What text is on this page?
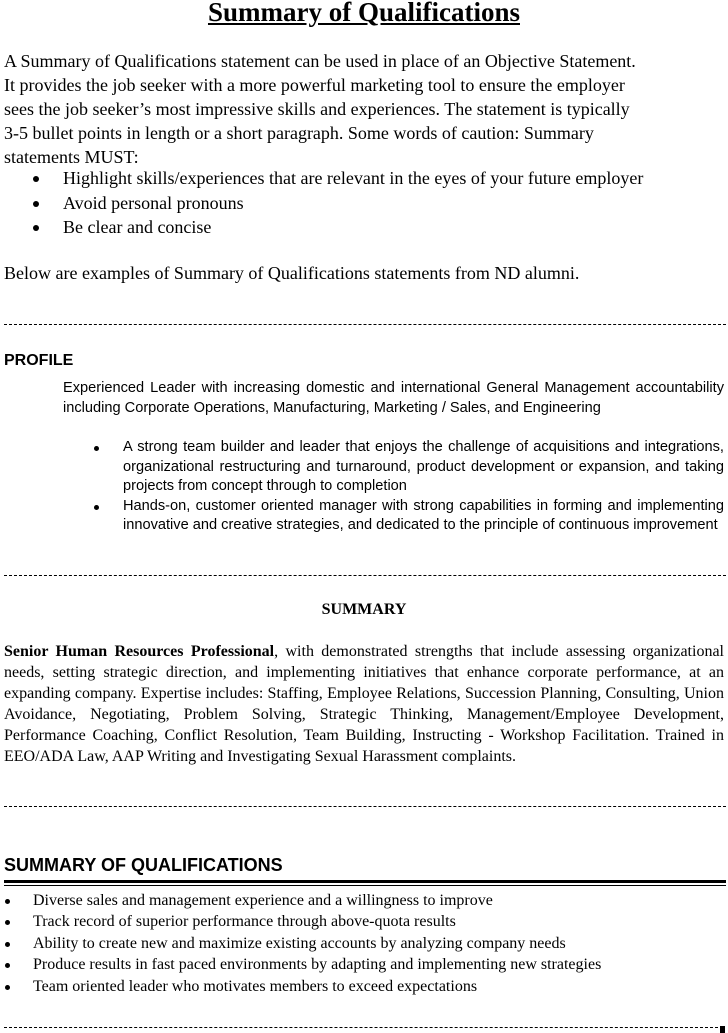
Summary of Qualifications

A Summary of Qualifications statement can be used in place of an Objective Statement.
It provides the job seeker with a more powerful marketing tool to ensure the employer
sees the job seeker’s most impressive skills and experiences. The statement is typically
3-5 bullet points in length or a short paragraph. Some words of caution: Summary
statements MUST:

Highlight skills/experiences that are relevant in the eyes of your future employer
Avoid personal pronouns
Be clear and concise

Below are examples of Summary of Qualifications statements from ND alumni.

PROFILE

Experienced Leader with increasing domestic and international General Management accountability including Corporate Operations, Manufacturing, Marketing / Sales, and Engineering

A strong team builder and leader that enjoys the challenge of acquisitions and integrations, organizational restructuring and turnaround, product development or expansion, and taking projects from concept through to completion
Hands-on, customer oriented manager with strong capabilities in forming and implementing innovative and creative strategies, and dedicated to the principle of continuous improvement
SUMMARY

Senior Human Resources Professional, with demonstrated strengths that include assessing organizational needs, setting strategic direction, and implementing initiatives that enhance corporate performance, at an expanding company. Expertise includes: Staffing, Employee Relations, Succession Planning, Consulting, Union Avoidance, Negotiating, Problem Solving, Strategic Thinking, Management/Employee Development, Performance Coaching, Conflict Resolution, Team Building, Instructing - Workshop Facilitation. Trained in EEO/ADA Law, AAP Writing and Investigating Sexual Harassment complaints.

SUMMARY OF QUALIFICATIONS
Diverse sales and management experience and a willingness to improve
Track record of superior performance through above-quota results
Ability to create new and maximize existing accounts by analyzing company needs
Produce results in fast paced environments by adapting and implementing new strategies
Team oriented leader who motivates members to exceed expectations
